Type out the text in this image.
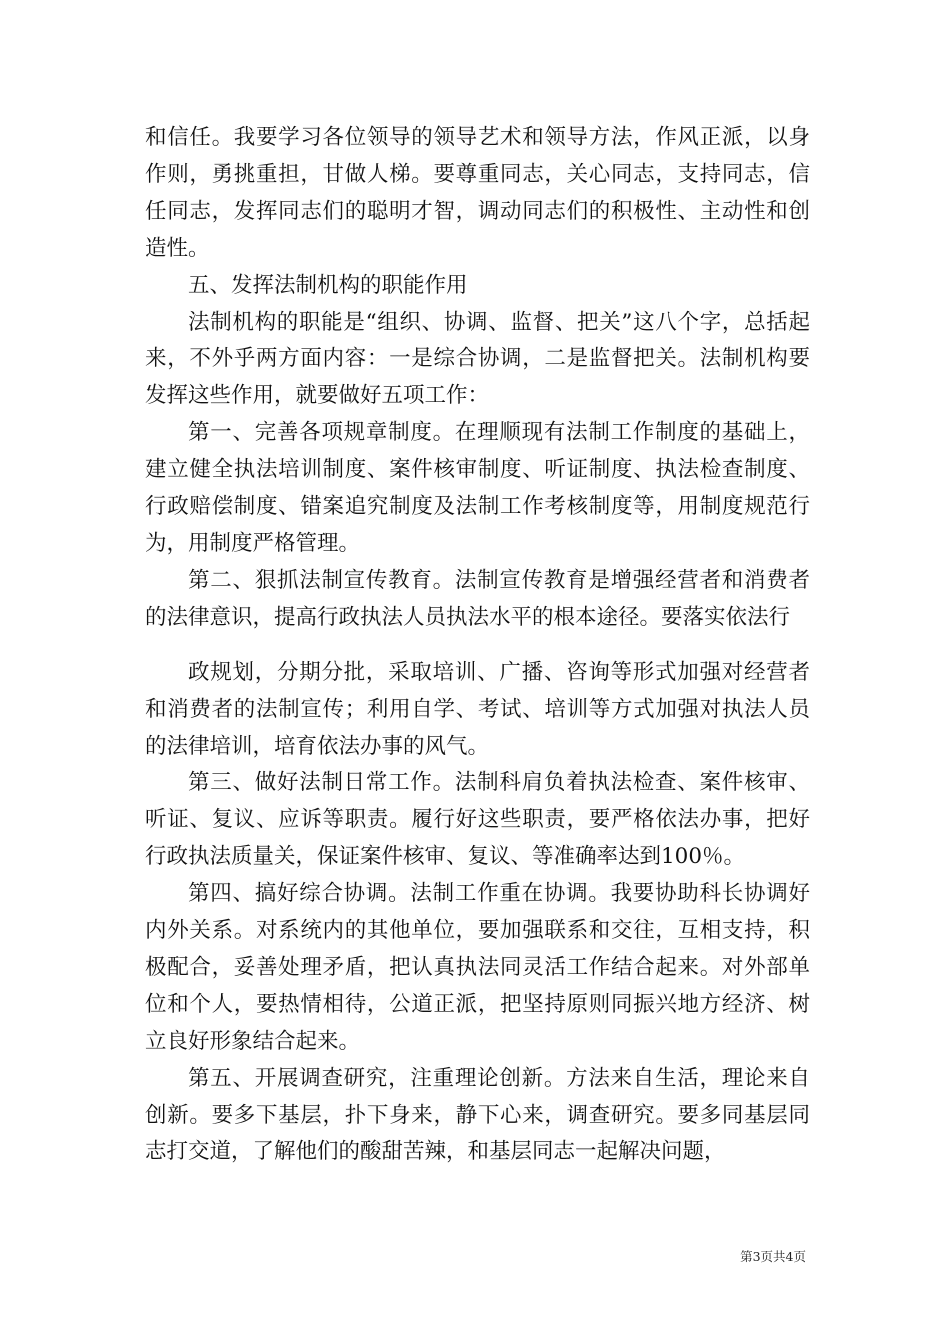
和信任。我要学习各位领导的领导艺术和领导方法，作风正派，以身作则，勇挑重担，甘做人梯。要尊重同志，关心同志，支持同志，信任同志，发挥同志们的聪明才智，调动同志们的积极性、主动性和创造性。

五、发挥法制机构的职能作用

法制机构的职能是“组织、协调、监督、把关”这八个字，总括起来，不外乎两方面内容：一是综合协调，二是监督把关。法制机构要发挥这些作用，就要做好五项工作：

第一、完善各项规章制度。在理顺现有法制工作制度的基础上，建立健全执法培训制度、案件核审制度、听证制度、执法检查制度、行政赔偿制度、错案追究制度及法制工作考核制度等，用制度规范行为，用制度严格管理。

第二、狠抓法制宣传教育。法制宣传教育是增强经营者和消费者的法律意识，提高行政执法人员执法水平的根本途径。要落实依法行

政规划，分期分批，采取培训、广播、咨询等形式加强对经营者和消费者的法制宣传；利用自学、考试、培训等方式加强对执法人员的法律培训，培育依法办事的风气。

第三、做好法制日常工作。法制科肩负着执法检查、案件核审、听证、复议、应诉等职责。履行好这些职责，要严格依法办事，把好行政执法质量关，保证案件核审、复议、等准确率达到100％。

第四、搞好综合协调。法制工作重在协调。我要协助科长协调好内外关系。对系统内的其他单位，要加强联系和交往，互相支持，积极配合，妥善处理矛盾，把认真执法同灵活工作结合起来。对外部单位和个人，要热情相待，公道正派，把坚持原则同振兴地方经济、树立良好形象结合起来。

第五、开展调查研究，注重理论创新。方法来自生活，理论来自创新。要多下基层，扑下身来，静下心来，调查研究。要多同基层同志打交道，了解他们的酸甜苦辣，和基层同志一起解决问题，

第3页共4页
